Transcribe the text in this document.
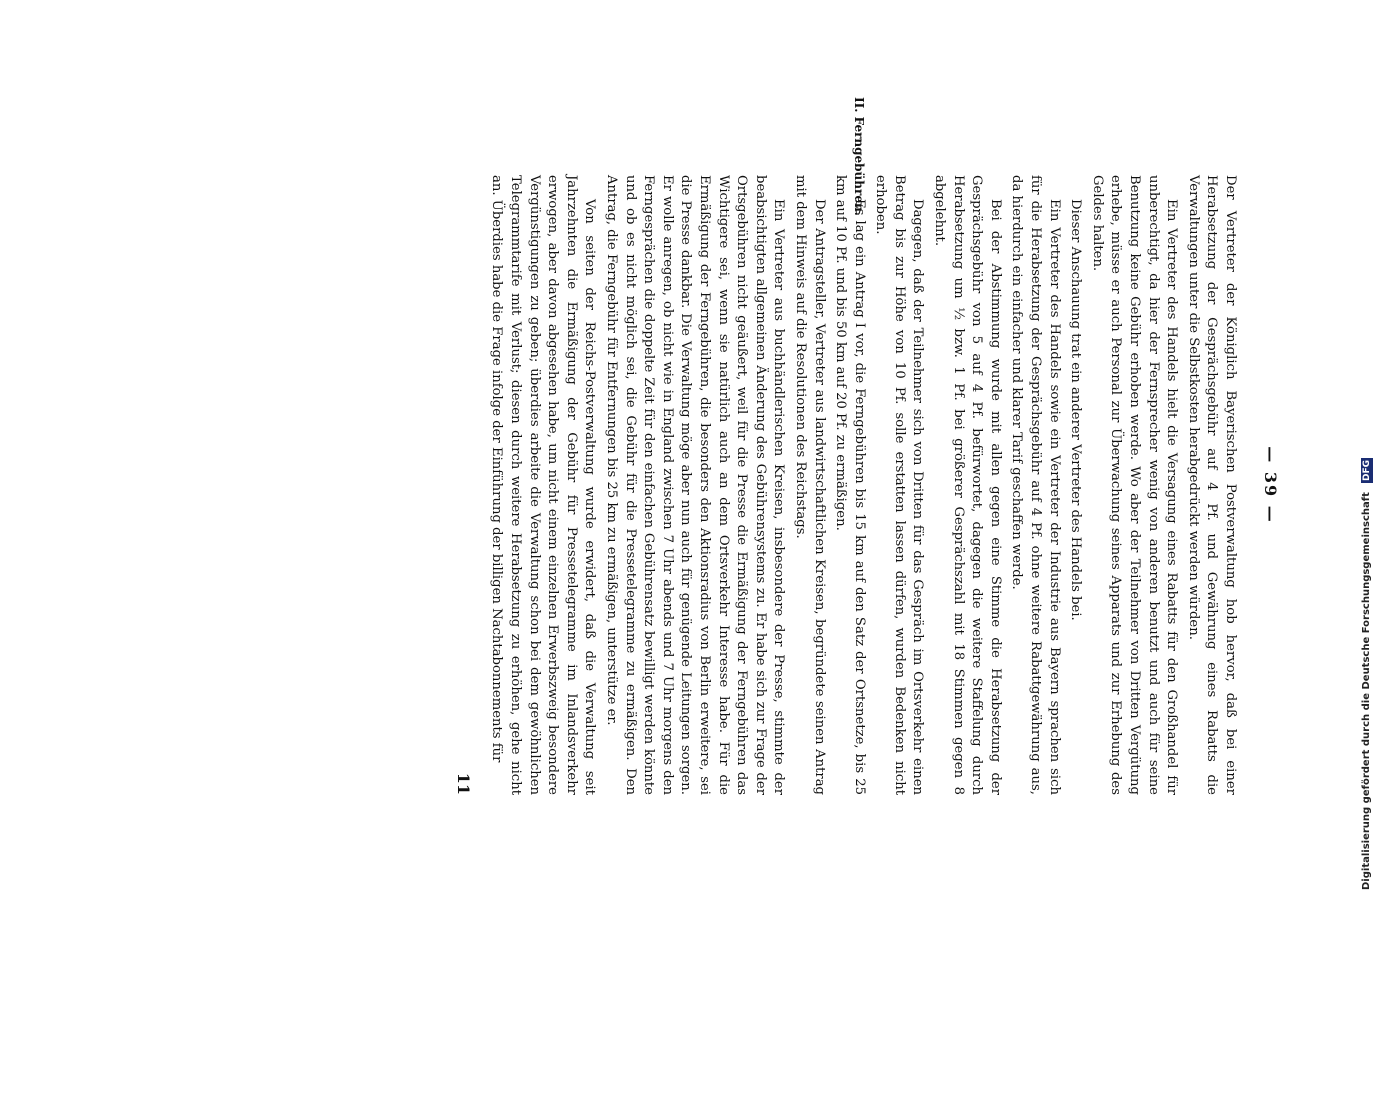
— 39 —

Der Vertreter der Königlich Bayerischen Postverwaltung hob hervor, daß bei einer Herabsetzung der Gesprächsgebühr auf 4 Pf. und Gewährung eines Rabatts die Verwaltungen unter die Selbstkosten herabgedrückt werden würden.

Ein Vertreter des Handels hielt die Versagung eines Rabatts für den Großhandel für unberechtigt, da hier der Fernsprecher wenig von anderen benutzt und auch für seine Benutzung keine Gebühr erhoben werde. Wo aber der Teilnehmer von Dritten Vergütung erhebe, müsse er auch Personal zur Überwachung seines Apparats und zur Erhebung des Geldes halten.

Dieser Anschauung trat ein anderer Vertreter des Handels bei.

Ein Vertreter des Handels sowie ein Vertreter der Industrie aus Bayern sprachen sich für die Herabsetzung der Gesprächsgebühr auf 4 Pf. ohne weitere Rabattgewährung aus, da hierdurch ein einfacher und klarer Tarif geschaffen werde.

Bei der Abstimmung wurde mit allen gegen eine Stimme die Herabsetzung der Gesprächsgebühr von 5 auf 4 Pf. befürwortet, dagegen die weitere Staffelung durch Herabsetzung um ½ bzw. 1 Pf. bei größerer Gesprächszahl mit 18 Stimmen gegen 8 abgelehnt.

Dagegen, daß der Teilnehmer sich von Dritten für das Gespräch im Ortsverkehr einen Betrag bis zur Höhe von 10 Pf. solle erstatten lassen dürfen, wurden Bedenken nicht erhoben.

II. Ferngebühren.

Es lag ein Antrag I vor, die Ferngebühren bis 15 km auf den Satz der Ortsnetze, bis 25 km auf 10 Pf. und bis 50 km auf 20 Pf. zu ermäßigen.

Der Antragsteller, Vertreter aus landwirtschaftlichen Kreisen, begründete seinen Antrag mit dem Hinweis auf die Resolutionen des Reichstags.

Ein Vertreter aus buchhändlerischen Kreisen, insbesondere der Presse, stimmte der beabsichtigten allgemeinen Änderung des Gebührensystems zu. Er habe sich zur Frage der Ortsgebühren nicht geäußert, weil für die Presse die Ermäßigung der Ferngebühren das Wichtigere sei, wenn sie natürlich auch an dem Ortsverkehr Interesse habe. Für die Ermäßigung der Ferngebühren, die besonders den Aktionsradius von Berlin erweitere, sei die Presse dankbar. Die Verwaltung möge aber nun auch für genügende Leitungen sorgen. Er wolle anregen, ob nicht wie in England zwischen 7 Uhr abends und 7 Uhr morgens den Ferngesprächen die doppelte Zeit für den einfachen Gebührensatz bewilligt werden könnte und ob es nicht möglich sei, die Gebühr für die Pressetelegramme zu ermäßigen. Den Antrag, die Ferngebühr für Entfernungen bis 25 km zu ermäßigen, unterstütze er.

Von seiten der Reichs-Postverwaltung wurde erwidert, daß die Verwaltung seit Jahrzehnten die Ermäßigung der Gebühr für Pressetelegramme im Inlandsverkehr erwogen, aber davon abgesehen habe, um nicht einem einzelnen Erwerbszweig besondere Vergünstigungen zu geben; überdies arbeite die Verwaltung schon bei dem gewöhnlichen Telegrammtarife mit Verlust; diesen durch weitere Herabsetzung zu erhöhen, gehe nicht an. Überdies habe die Frage infolge der Einführung der billigen Nachtabonnements für

11	Digitalisierung gefördert durch die Deutsche Forschungsgemeinschaft DFG
